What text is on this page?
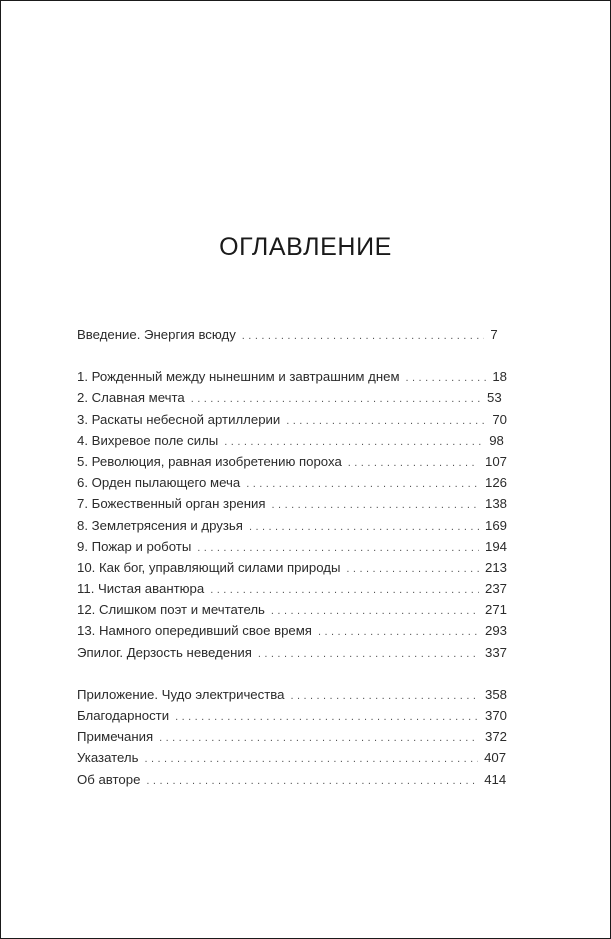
ОГЛАВЛЕНИЕ
Введение. Энергия всюду . . .	7
1. Рожденный между нынешним и завтрашним днем . . .	18
2. Славная мечта . . .	53
3. Раскаты небесной артиллерии . . .	70
4. Вихревое поле силы . . .	98
5. Революция, равная изобретению пороха . . .	107
6. Орден пылающего меча . . .	126
7. Божественный орган зрения . . .	138
8. Землетрясения и друзья . . .	169
9. Пожар и роботы . . .	194
10. Как бог, управляющий силами природы . . .	213
11. Чистая авантюра . . .	237
12. Слишком поэт и мечтатель . . .	271
13. Намного опередивший свое время . . .	293
Эпилог. Дерзость неведения . . .	337
Приложение. Чудо электричества . . .	358
Благодарности . . .	370
Примечания . . .	372
Указатель . . .	407
Об авторе . . .	414
